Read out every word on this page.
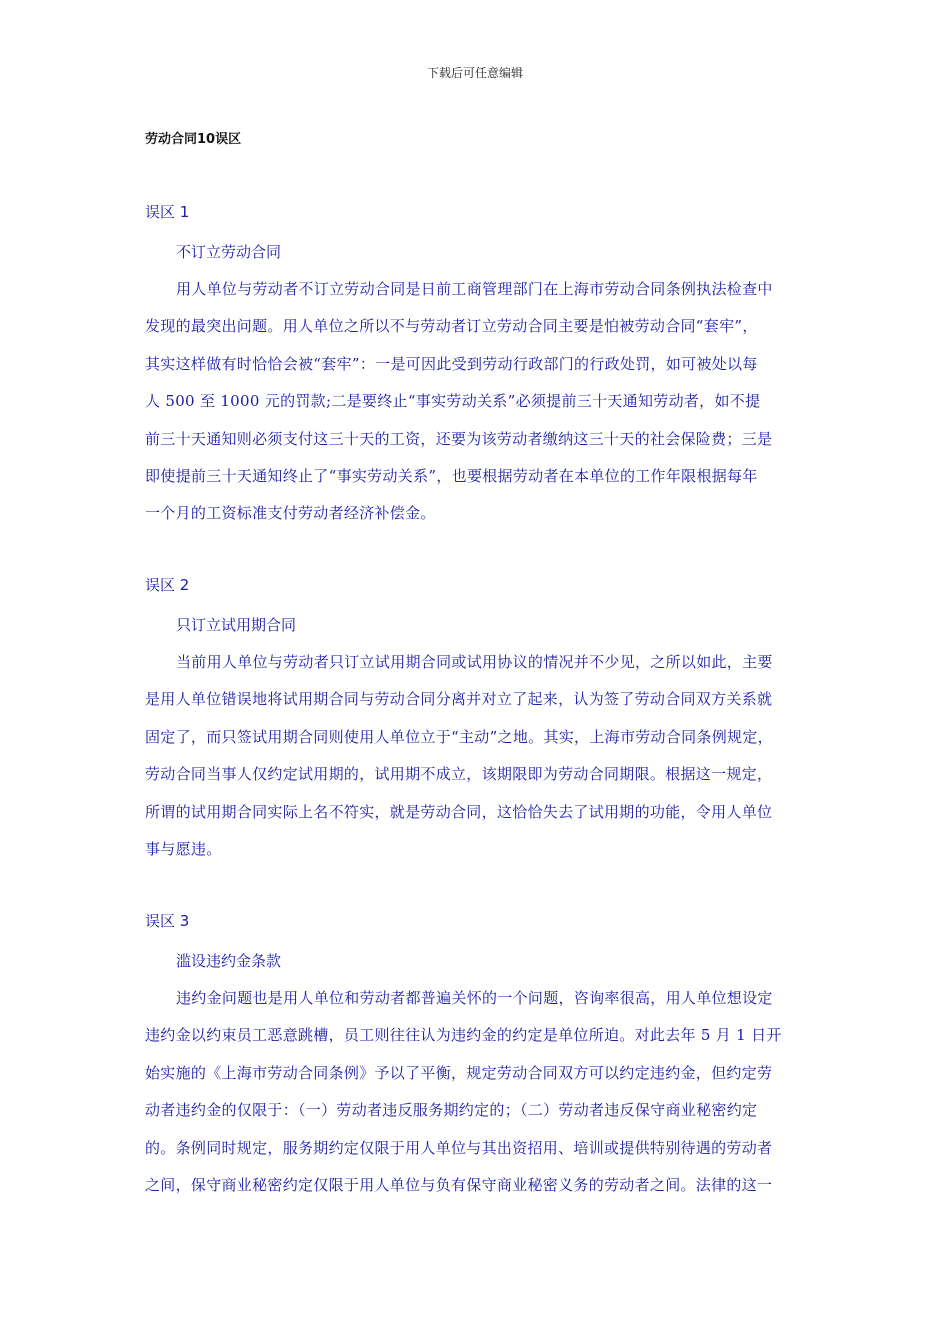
下载后可任意编辑
劳动合同10误区
误区 1
不订立劳动合同

用人单位与劳动者不订立劳动合同是日前工商管理部门在上海市劳动合同条例执法检查中
发现的最突出问题。用人单位之所以不与劳动者订立劳动合同主要是怕被劳动合同“套牢”，
其实这样做有时恰恰会被“套牢”：一是可因此受到劳动行政部门的行政处罚，如可被处以每
人 500 至 1000 元的罚款;二是要终止“事实劳动关系”必须提前三十天通知劳动者，如不提
前三十天通知则必须支付这三十天的工资，还要为该劳动者缴纳这三十天的社会保险费；三是
即使提前三十天通知终止了“事实劳动关系”，也要根据劳动者在本单位的工作年限根据每年
一个月的工资标准支付劳动者经济补偿金。

误区 2
只订立试用期合同

当前用人单位与劳动者只订立试用期合同或试用协议的情况并不少见，之所以如此，主要
是用人单位错误地将试用期合同与劳动合同分离并对立了起来，认为签了劳动合同双方关系就
固定了，而只签试用期合同则使用人单位立于“主动”之地。其实，上海市劳动合同条例规定，
劳动合同当事人仅约定试用期的，试用期不成立，该期限即为劳动合同期限。根据这一规定，
所谓的试用期合同实际上名不符实，就是劳动合同，这恰恰失去了试用期的功能，令用人单位
事与愿违。

误区 3
滥设违约金条款

违约金问题也是用人单位和劳动者都普遍关怀的一个问题，咨询率很高，用人单位想设定
违约金以约束员工恶意跳槽，员工则往往认为违约金的约定是单位所迫。对此去年 5 月 1 日开
始实施的《上海市劳动合同条例》予以了平衡，规定劳动合同双方可以约定违约金，但约定劳
动者违约金的仅限于：（一）劳动者违反服务期约定的；（二）劳动者违反保守商业秘密约定
的。条例同时规定，服务期约定仅限于用人单位与其出资招用、培训或提供特别待遇的劳动者
之间，保守商业秘密约定仅限于用人单位与负有保守商业秘密义务的劳动者之间。法律的这一
